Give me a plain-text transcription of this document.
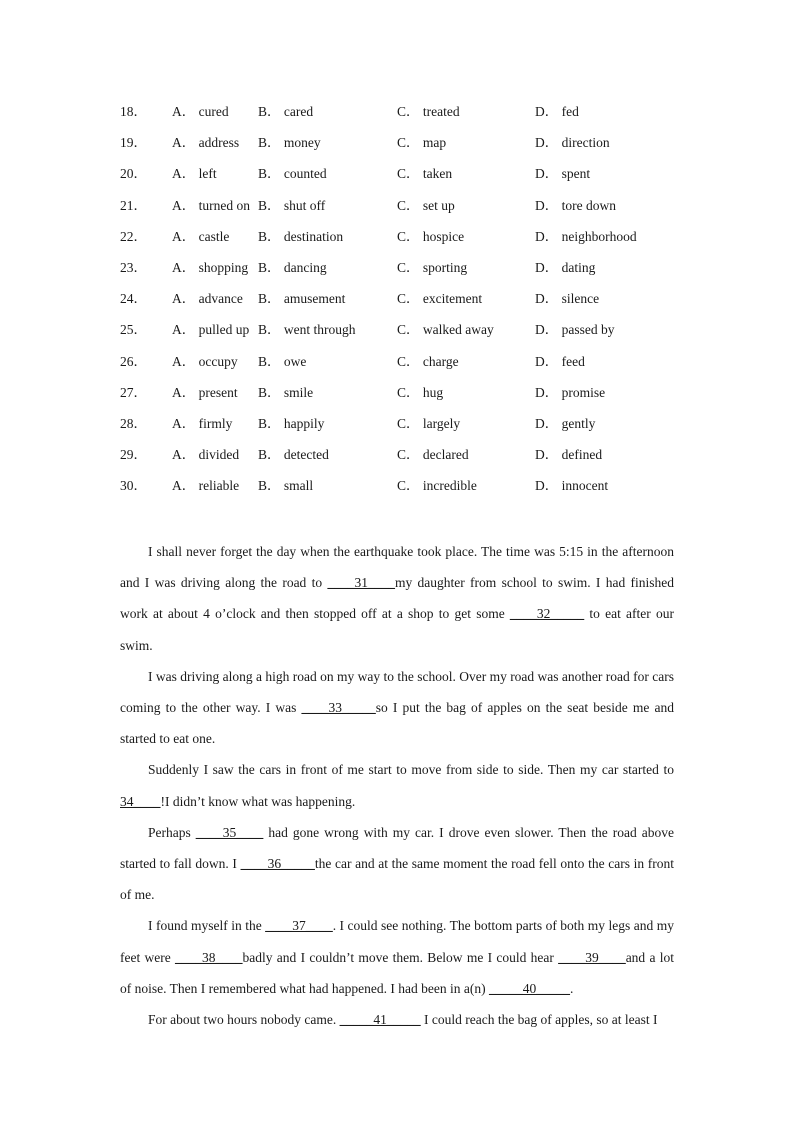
18． A． cured B． cared	C． treated	D． fed
19． A． address B． money	C． map	D． direction
20． A． left	B． counted	C． taken	D． spent
21． A． turned on B． shut off	C． set up	D． tore down
22． A． castle B． destination	C． hospice	D． neighborhood
23． A． shopping B． dancing	C． sporting	D． dating
24． A． advance B． amusement	C． excitement	D． silence
25． A． pulled up B． went through	C． walked away	D． passed by
26． A． occupy B． owe	C． charge	D． feed
27． A． present B． smile	C． hug	D． promise
28． A． firmly B． happily	C． largely	D． gently
29． A． divided B． detected	C． declared	D． defined
30． A． reliable B． small	C． incredible	D． innocent

I shall never forget the day when the earthquake took place. The time was 5:15 in the afternoon and I was driving along the road to ____31____my daughter from school to swim. I had finished work at about 4 o’clock and then stopped off at a shop to get some ____32_____ to eat after our swim.

I was driving along a high road on my way to the school. Over my road was another road for cars coming to the other way. I was ____33_____so I put the bag of apples on the seat beside me and started to eat one.

Suddenly I saw the cars in front of me start to move from side to side. Then my car started to 34____!I didn’t know what was happening.

Perhaps ____35____ had gone wrong with my car. I drove even slower. Then the road above started to fall down. I ____36_____the car and at the same moment the road fell onto the cars in front of me.

I found myself in the ____37____. I could see nothing. The bottom parts of both my legs and my feet were ____38____badly and I couldn’t move them. Below me I could hear ____39____and a lot of noise. Then I remembered what had happened. I had been in a(n) _____40_____.

For about two hours nobody came. _____41_____ I could reach the bag of apples, so at least I
